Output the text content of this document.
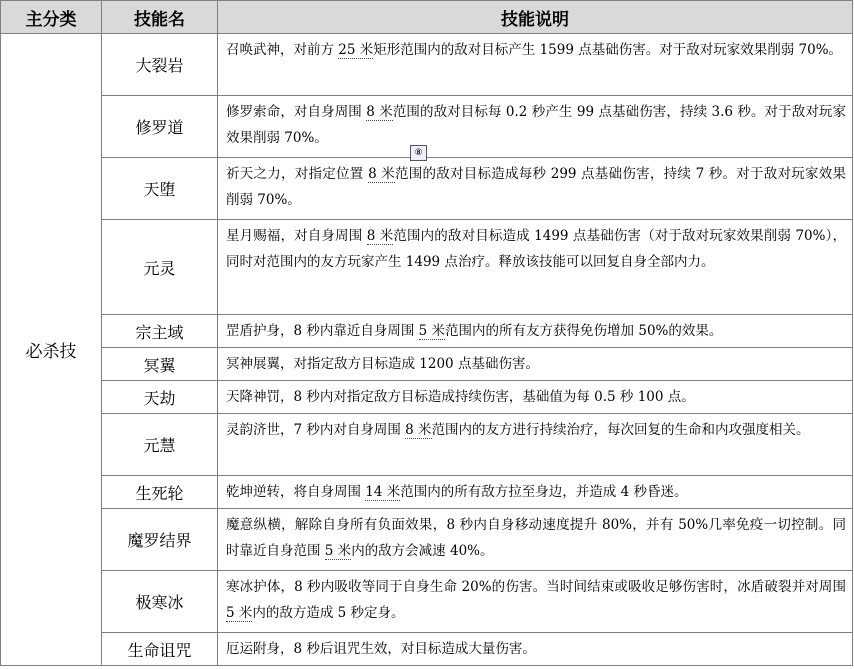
主分类	技能名	技能说明
必杀技	大裂岩	召唤武神，对前方 25 米矩形范围内的敌对目标产生 1599 点基础伤害。对于敌对玩家效果削弱 70%。
	修罗道	修罗索命，对自身周围 8 米范围的敌对目标每 0.2 秒产生 99 点基础伤害，持续 3.6 秒。对于敌对玩家效果削弱 70%。
	天堕	祈天之力，对指定位置 8 米范围的敌对目标造成每秒 299 点基础伤害，持续 7 秒。对于敌对玩家效果削弱 70%。
	元灵	星月赐福，对自身周围 8 米范围内的敌对目标造成 1499 点基础伤害（对于敌对玩家效果削弱 70%），同时对范围内的友方玩家产生 1499 点治疗。释放该技能可以回复自身全部内力。
	宗主域	罡盾护身，8 秒内靠近自身周围 5 米范围内的所有友方获得免伤增加 50%的效果。
	冥翼	冥神展翼，对指定敌方目标造成 1200 点基础伤害。
	天劫	天降神罚，8 秒内对指定敌方目标造成持续伤害，基础值为每 0.5 秒 100 点。
	元慧	灵韵济世，7 秒内对自身周围 8 米范围内的友方进行持续治疗，每次回复的生命和内攻强度相关。
	生死轮	乾坤逆转，将自身周围 14 米范围内的所有敌方拉至身边，并造成 4 秒昏迷。
	魔罗结界	魔意纵横，解除自身所有负面效果，8 秒内自身移动速度提升 80%，并有 50%几率免疫一切控制。同时靠近自身范围 5 米内的敌方会减速 40%。
	极寒冰	寒冰护体，8 秒内吸收等同于自身生命 20%的伤害。当时间结束或吸收足够伤害时，冰盾破裂并对周围 5 米内的敌方造成 5 秒定身。
	生命诅咒	厄运附身，8 秒后诅咒生效，对目标造成大量伤害。
⑧
